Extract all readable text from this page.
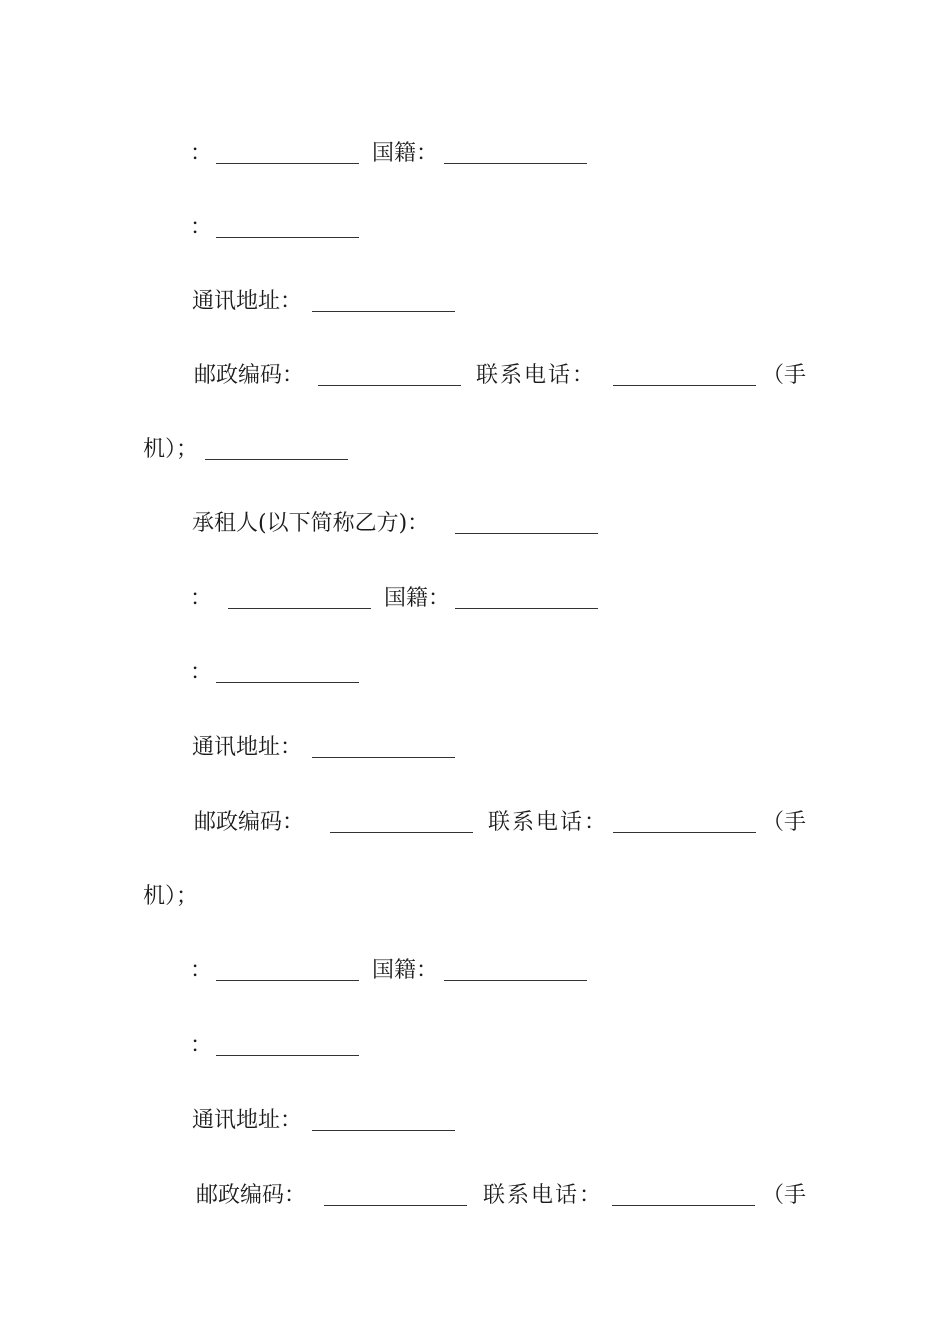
：	国籍：
：
通讯地址：
邮政编码：	联系电话：	（手
机）；
承租人(以下简称乙方)：
：	国籍：
：
通讯地址：
邮政编码：	联系电话：	（手
机）；
：	国籍：
：
通讯地址：
邮政编码：	联系电话：	（手
